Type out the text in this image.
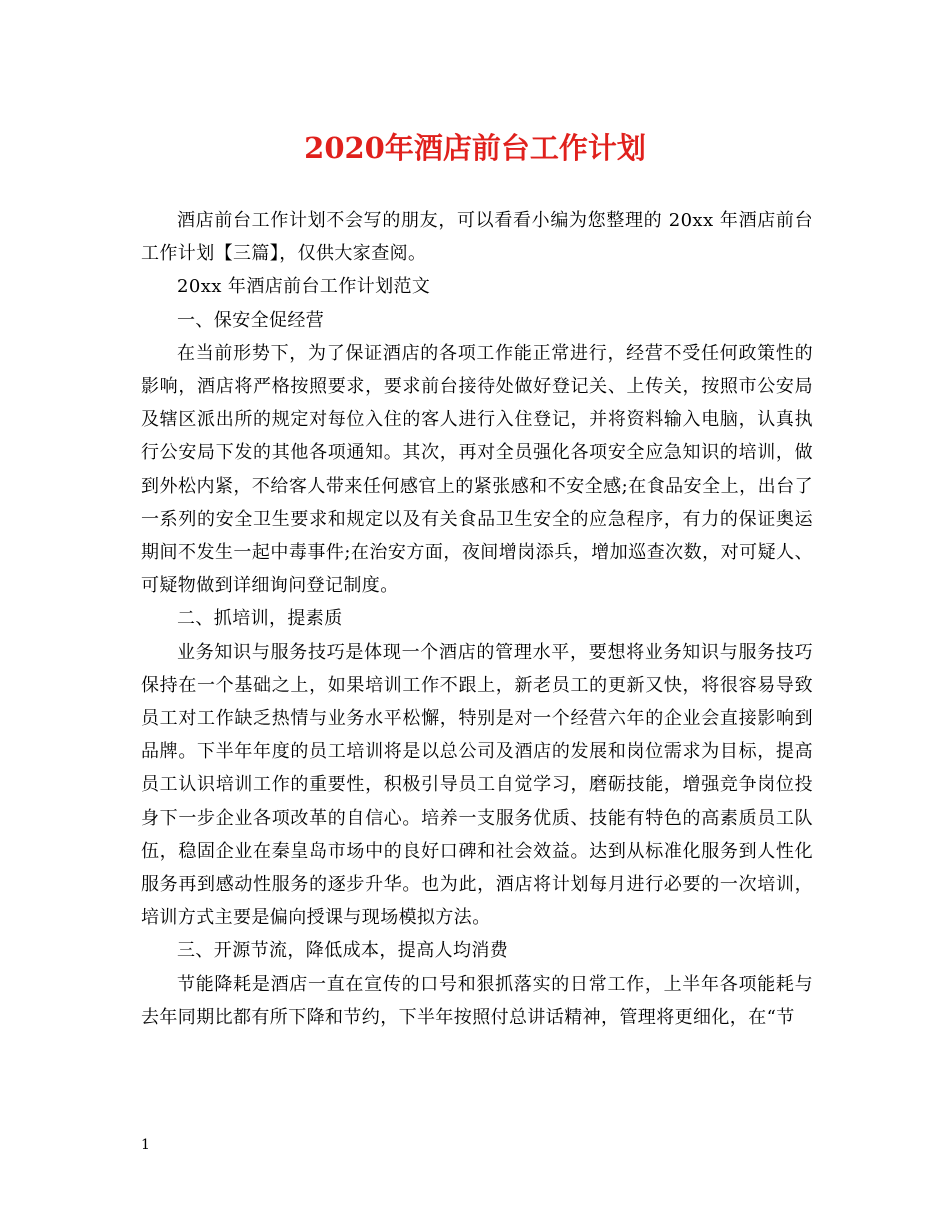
2020年酒店前台工作计划

酒店前台工作计划不会写的朋友，可以看看小编为您整理的 20xx 年酒店前台工作计划【三篇】，仅供大家查阅。

20xx 年酒店前台工作计划范文

一、保安全促经营

在当前形势下，为了保证酒店的各项工作能正常进行，经营不受任何政策性的影响，酒店将严格按照要求，要求前台接待处做好登记关、上传关，按照市公安局及辖区派出所的规定对每位入住的客人进行入住登记，并将资料输入电脑，认真执行公安局下发的其他各项通知。其次，再对全员强化各项安全应急知识的培训，做到外松内紧，不给客人带来任何感官上的紧张感和不安全感;在食品安全上，出台了一系列的安全卫生要求和规定以及有关食品卫生安全的应急程序，有力的保证奥运期间不发生一起中毒事件;在治安方面，夜间增岗添兵，增加巡查次数，对可疑人、可疑物做到详细询问登记制度。

二、抓培训，提素质

业务知识与服务技巧是体现一个酒店的管理水平，要想将业务知识与服务技巧保持在一个基础之上，如果培训工作不跟上，新老员工的更新又快，将很容易导致员工对工作缺乏热情与业务水平松懈，特别是对一个经营六年的企业会直接影响到品牌。下半年年度的员工培训将是以总公司及酒店的发展和岗位需求为目标，提高员工认识培训工作的重要性，积极引导员工自觉学习，磨砺技能，增强竞争岗位投身下一步企业各项改革的自信心。培养一支服务优质、技能有特色的高素质员工队伍，稳固企业在秦皇岛市场中的良好口碑和社会效益。达到从标准化服务到人性化服务再到感动性服务的逐步升华。也为此，酒店将计划每月进行必要的一次培训，培训方式主要是偏向授课与现场模拟方法。

三、开源节流，降低成本，提高人均消费

节能降耗是酒店一直在宣传的口号和狠抓落实的日常工作，上半年各项能耗与去年同期比都有所下降和节约，下半年按照付总讲话精神，管理将更细化，在“节

1
